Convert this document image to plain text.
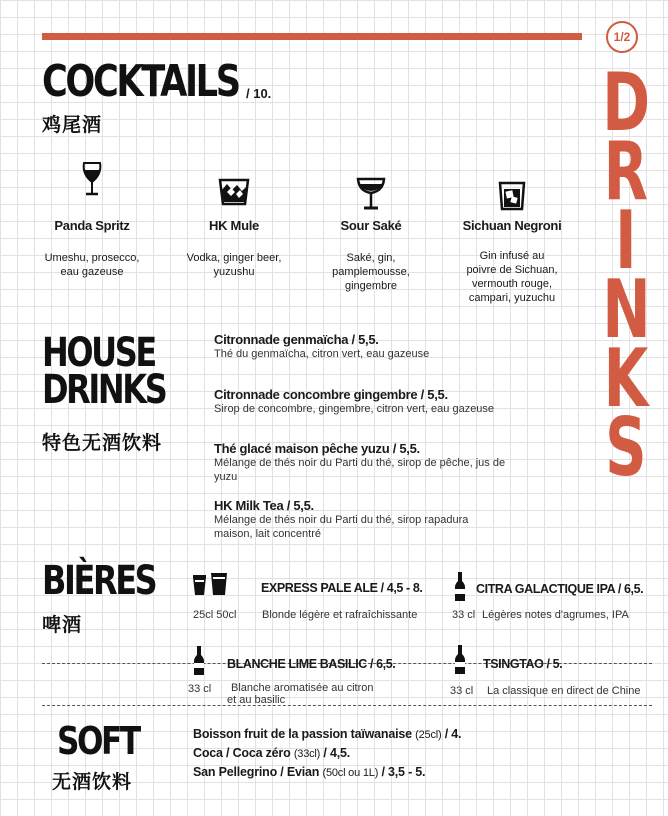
1/2
D
R
I
N
K
S
COCKTAILS / 10.
鸡尾酒
Panda Spritz
Umeshu, prosecco,
eau gazeuse
HK Mule
Vodka, ginger beer,
yuzushu
Sour Saké
Saké, gin,
pamplemousse,
gingembre
Sichuan Negroni
Gin infusé au
poivre de Sichuan,
vermouth rouge,
campari, yuzuchu
HOUSE
DRINKS
特色无酒饮料
Citronnade genmaïcha / 5,5.
Thé du genmaïcha, citron vert, eau gazeuse
Citronnade concombre gingembre / 5,5.
Sirop de concombre, gingembre, citron vert, eau gazeuse
Thé glacé maison pêche yuzu / 5,5.
Mélange de thés noir du Parti du thé, sirop de pêche, jus de yuzu
HK Milk Tea / 5,5.
Mélange de thés noir du Parti du thé, sirop rapadura maison, lait concentré
BIÈRES
啤酒
EXPRESS PALE ALE / 4,5 - 8.
25cl 50cl Blonde légère et rafraîchissante
CITRA GALACTIQUE IPA / 6,5.
33 cl Légères notes d'agrumes, IPA
BLANCHE LIME BASILIC / 6,5.
33 cl Blanche aromatisée au citron
et au basilic
TSINGTAO / 5.
33 cl La classique en direct de Chine
SOFT
无酒饮料
Boisson fruit de la passion taïwanaise (25cl) / 4.
Coca / Coca zéro (33cl) / 4,5.
San Pellegrino / Evian (50cl ou 1L) / 3,5 - 5.
